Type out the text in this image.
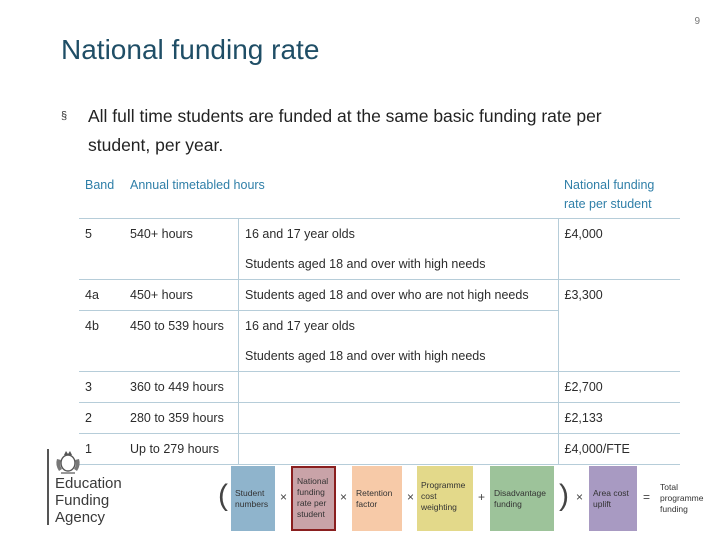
9
National funding rate
§	All full time students are funded at the same basic funding rate per student, per year.
Band	Annual timetabled hours		National funding rate per student
5	540+ hours	16 and 17 year olds	£4,000
		Students aged 18 and over with high needs	
4a	450+ hours	Students aged 18 and over who are not high needs	£3,300
4b	450 to 539 hours	16 and 17 year olds	
		Students aged 18 and over with high needs	
3	360 to 449 hours		£2,700
2	280 to 359 hours		£2,133
1	Up to 279 hours		£4,000/FTE
Education
Funding
Agency
( Student numbers ×
National funding rate per student
×	Retention factor	×
Programme cost weighting
+	Disadvantage funding	) ×	Area cost uplift	=
Total programme funding
